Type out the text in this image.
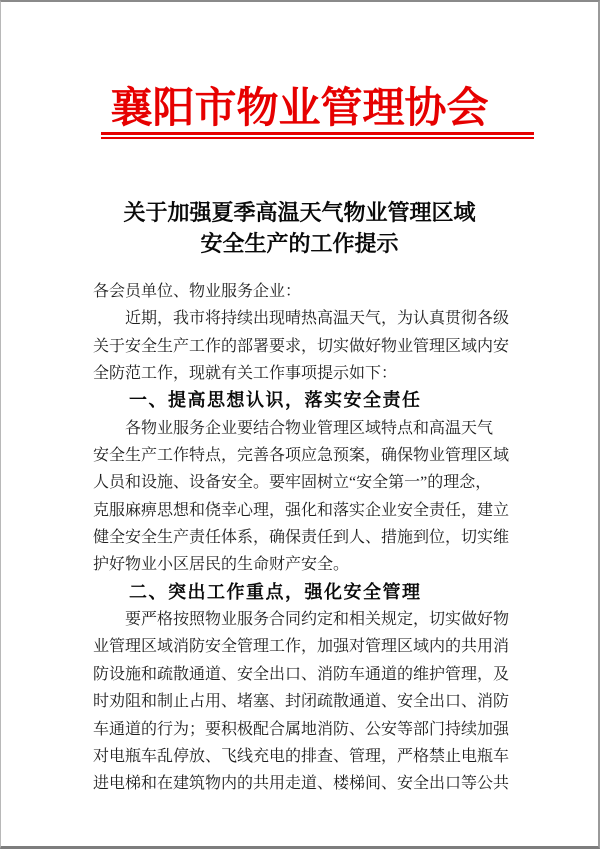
襄阳市物业管理协会
关于加强夏季高温天气物业管理区域
安全生产的工作提示
各会员单位、物业服务企业：
近期，我市将持续出现晴热高温天气，为认真贯彻各级
关于安全生产工作的部署要求，切实做好物业管理区域内安
全防范工作，现就有关工作事项提示如下：
一、提高思想认识，落实安全责任
各物业服务企业要结合物业管理区域特点和高温天气
安全生产工作特点，完善各项应急预案，确保物业管理区域
人员和设施、设备安全。要牢固树立“安全第一”的理念，
克服麻痹思想和侥幸心理，强化和落实企业安全责任，建立
健全安全生产责任体系，确保责任到人、措施到位，切实维
护好物业小区居民的生命财产安全。
二、突出工作重点，强化安全管理
要严格按照物业服务合同约定和相关规定，切实做好物
业管理区域消防安全管理工作，加强对管理区域内的共用消
防设施和疏散通道、安全出口、消防车通道的维护管理，及
时劝阻和制止占用、堵塞、封闭疏散通道、安全出口、消防
车通道的行为；要积极配合属地消防、公安等部门持续加强
对电瓶车乱停放、飞线充电的排查、管理，严格禁止电瓶车
进电梯和在建筑物内的共用走道、楼梯间、安全出口等公共
